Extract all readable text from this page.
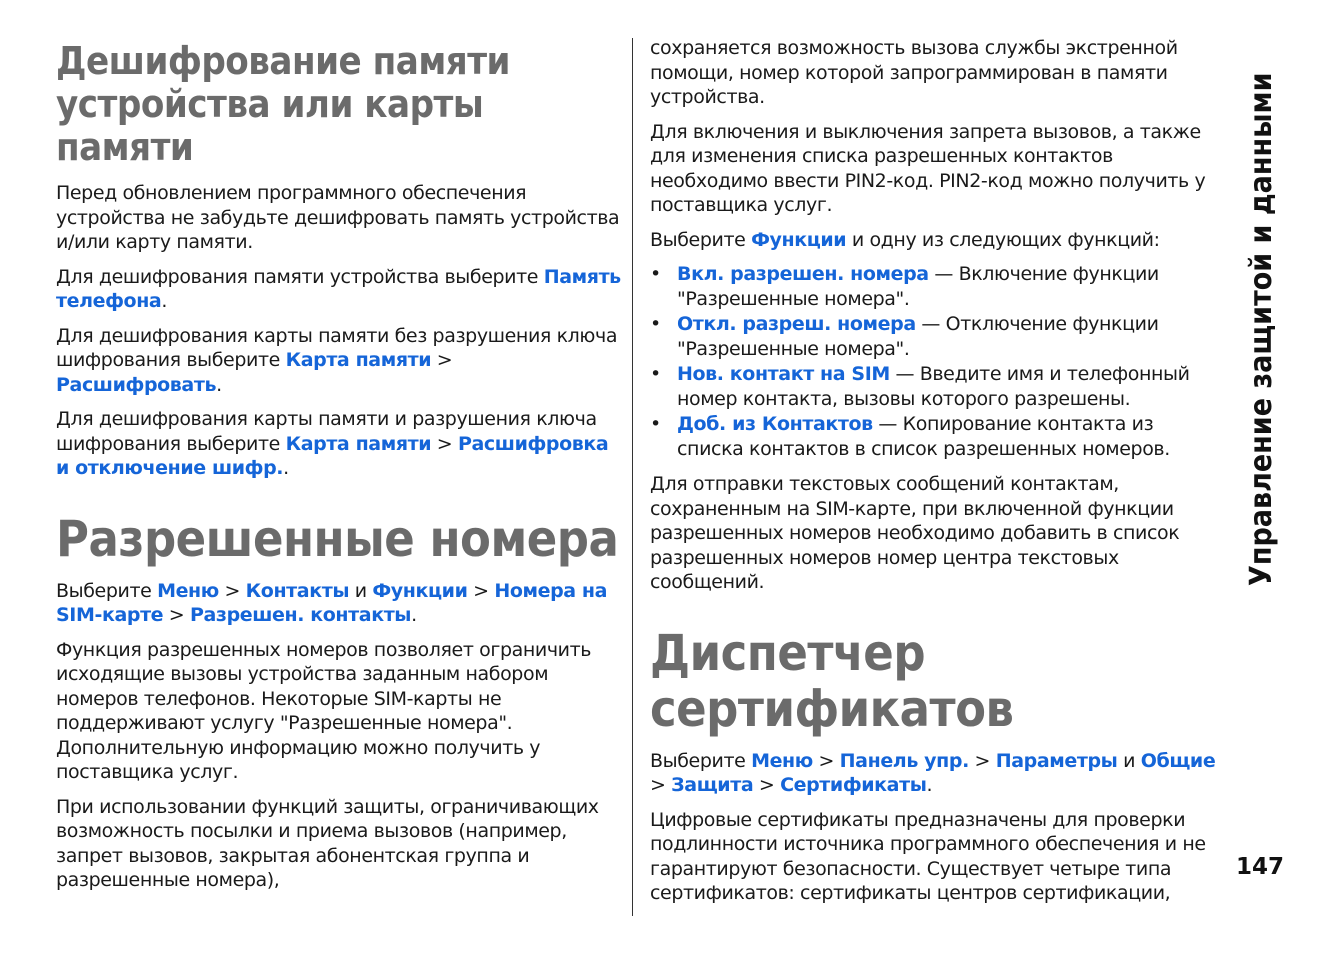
Дешифрование памяти устройства или карты памяти

Перед обновлением программного обеспечения устройства не забудьте дешифровать память устройства и/или карту памяти.

Для дешифрования памяти устройства выберите Память телефона.

Для дешифрования карты памяти без разрушения ключа шифрования выберите Карта памяти > Расшифровать.

Для дешифрования карты памяти и разрушения ключа шифрования выберите Карта памяти > Расшифровка и отключение шифр..

Разрешенные номера

Выберите Меню > Контакты и Функции > Номера на SIM-карте > Разрешен. контакты.

Функция разрешенных номеров позволяет ограничить исходящие вызовы устройства заданным набором номеров телефонов. Некоторые SIM-карты не поддерживают услугу "Разрешенные номера". Дополнительную информацию можно получить у поставщика услуг.

При использовании функций защиты, ограничивающих возможность посылки и приема вызовов (например, запрет вызовов, закрытая абонентская группа и разрешенные номера),

сохраняется возможность вызова службы экстренной помощи, номер которой запрограммирован в памяти устройства.

Для включения и выключения запрета вызовов, а также для изменения списка разрешенных контактов необходимо ввести PIN2-код. PIN2-код можно получить у поставщика услуг.

Выберите Функции и одну из следующих функций:

• Вкл. разрешен. номера — Включение функции "Разрешенные номера".
• Откл. разреш. номера — Отключение функции "Разрешенные номера".
• Нов. контакт на SIM — Введите имя и телефонный номер контакта, вызовы которого разрешены.
• Доб. из Контактов — Копирование контакта из списка контактов в список разрешенных номеров.

Для отправки текстовых сообщений контактам, сохраненным на SIM-карте, при включенной функции разрешенных номеров необходимо добавить в список разрешенных номеров номер центра текстовых сообщений.

Диспетчер сертификатов

Выберите Меню > Панель упр. > Параметры и Общие > Защита > Сертификаты.

Цифровые сертификаты предназначены для проверки подлинности источника программного обеспечения и не гарантируют безопасности. Существует четыре типа сертификатов: сертификаты центров сертификации,

Управление защитой и данными
147
